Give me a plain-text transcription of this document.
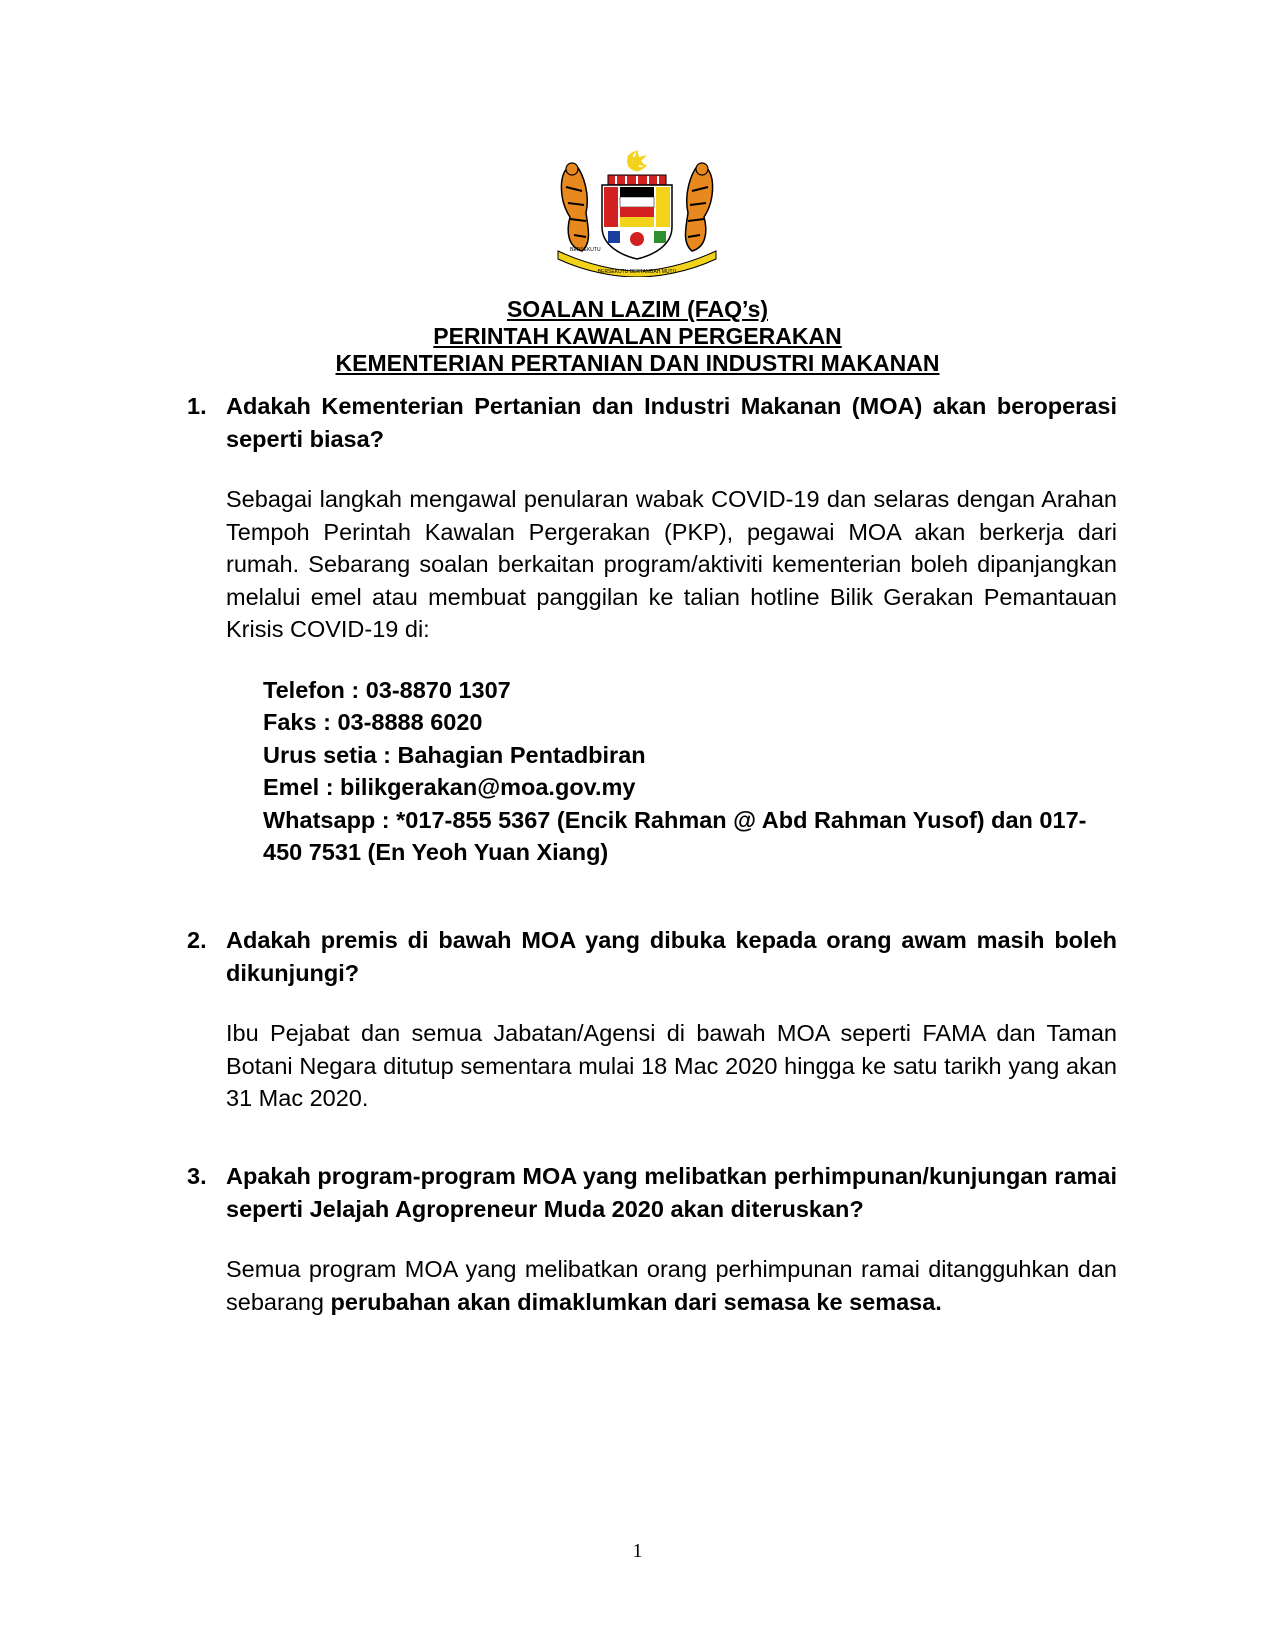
BERSEKUTU
BERSEKUTU BERTAMBAH MUTU
SOALAN LAZIM (FAQ’s)
PERINTAH KAWALAN PERGERAKAN
KEMENTERIAN PERTANIAN DAN INDUSTRI MAKANAN
1. Adakah Kementerian Pertanian dan Industri Makanan (MOA) akan beroperasi seperti biasa?
Sebagai langkah mengawal penularan wabak COVID-19 dan selaras dengan Arahan Tempoh Perintah Kawalan Pergerakan (PKP), pegawai MOA akan berkerja dari rumah. Sebarang soalan berkaitan program/aktiviti kementerian boleh dipanjangkan melalui emel atau membuat panggilan ke talian hotline Bilik Gerakan Pemantauan Krisis COVID-19 di:
Telefon : 03-8870 1307
Faks : 03-8888 6020
Urus setia : Bahagian Pentadbiran
Emel : bilikgerakan@moa.gov.my
Whatsapp : *017-855 5367 (Encik Rahman @ Abd Rahman Yusof) dan 017-450 7531 (En Yeoh Yuan Xiang)
2. Adakah premis di bawah MOA yang dibuka kepada orang awam masih boleh dikunjungi?
Ibu Pejabat dan semua Jabatan/Agensi di bawah MOA seperti FAMA dan Taman Botani Negara ditutup sementara mulai 18 Mac 2020 hingga ke satu tarikh yang akan 31 Mac 2020.
3. Apakah program-program MOA yang melibatkan perhimpunan/kunjungan ramai seperti Jelajah Agropreneur Muda 2020 akan diteruskan?
Semua program MOA yang melibatkan orang perhimpunan ramai ditangguhkan dan sebarang perubahan akan dimaklumkan dari semasa ke semasa.
1
